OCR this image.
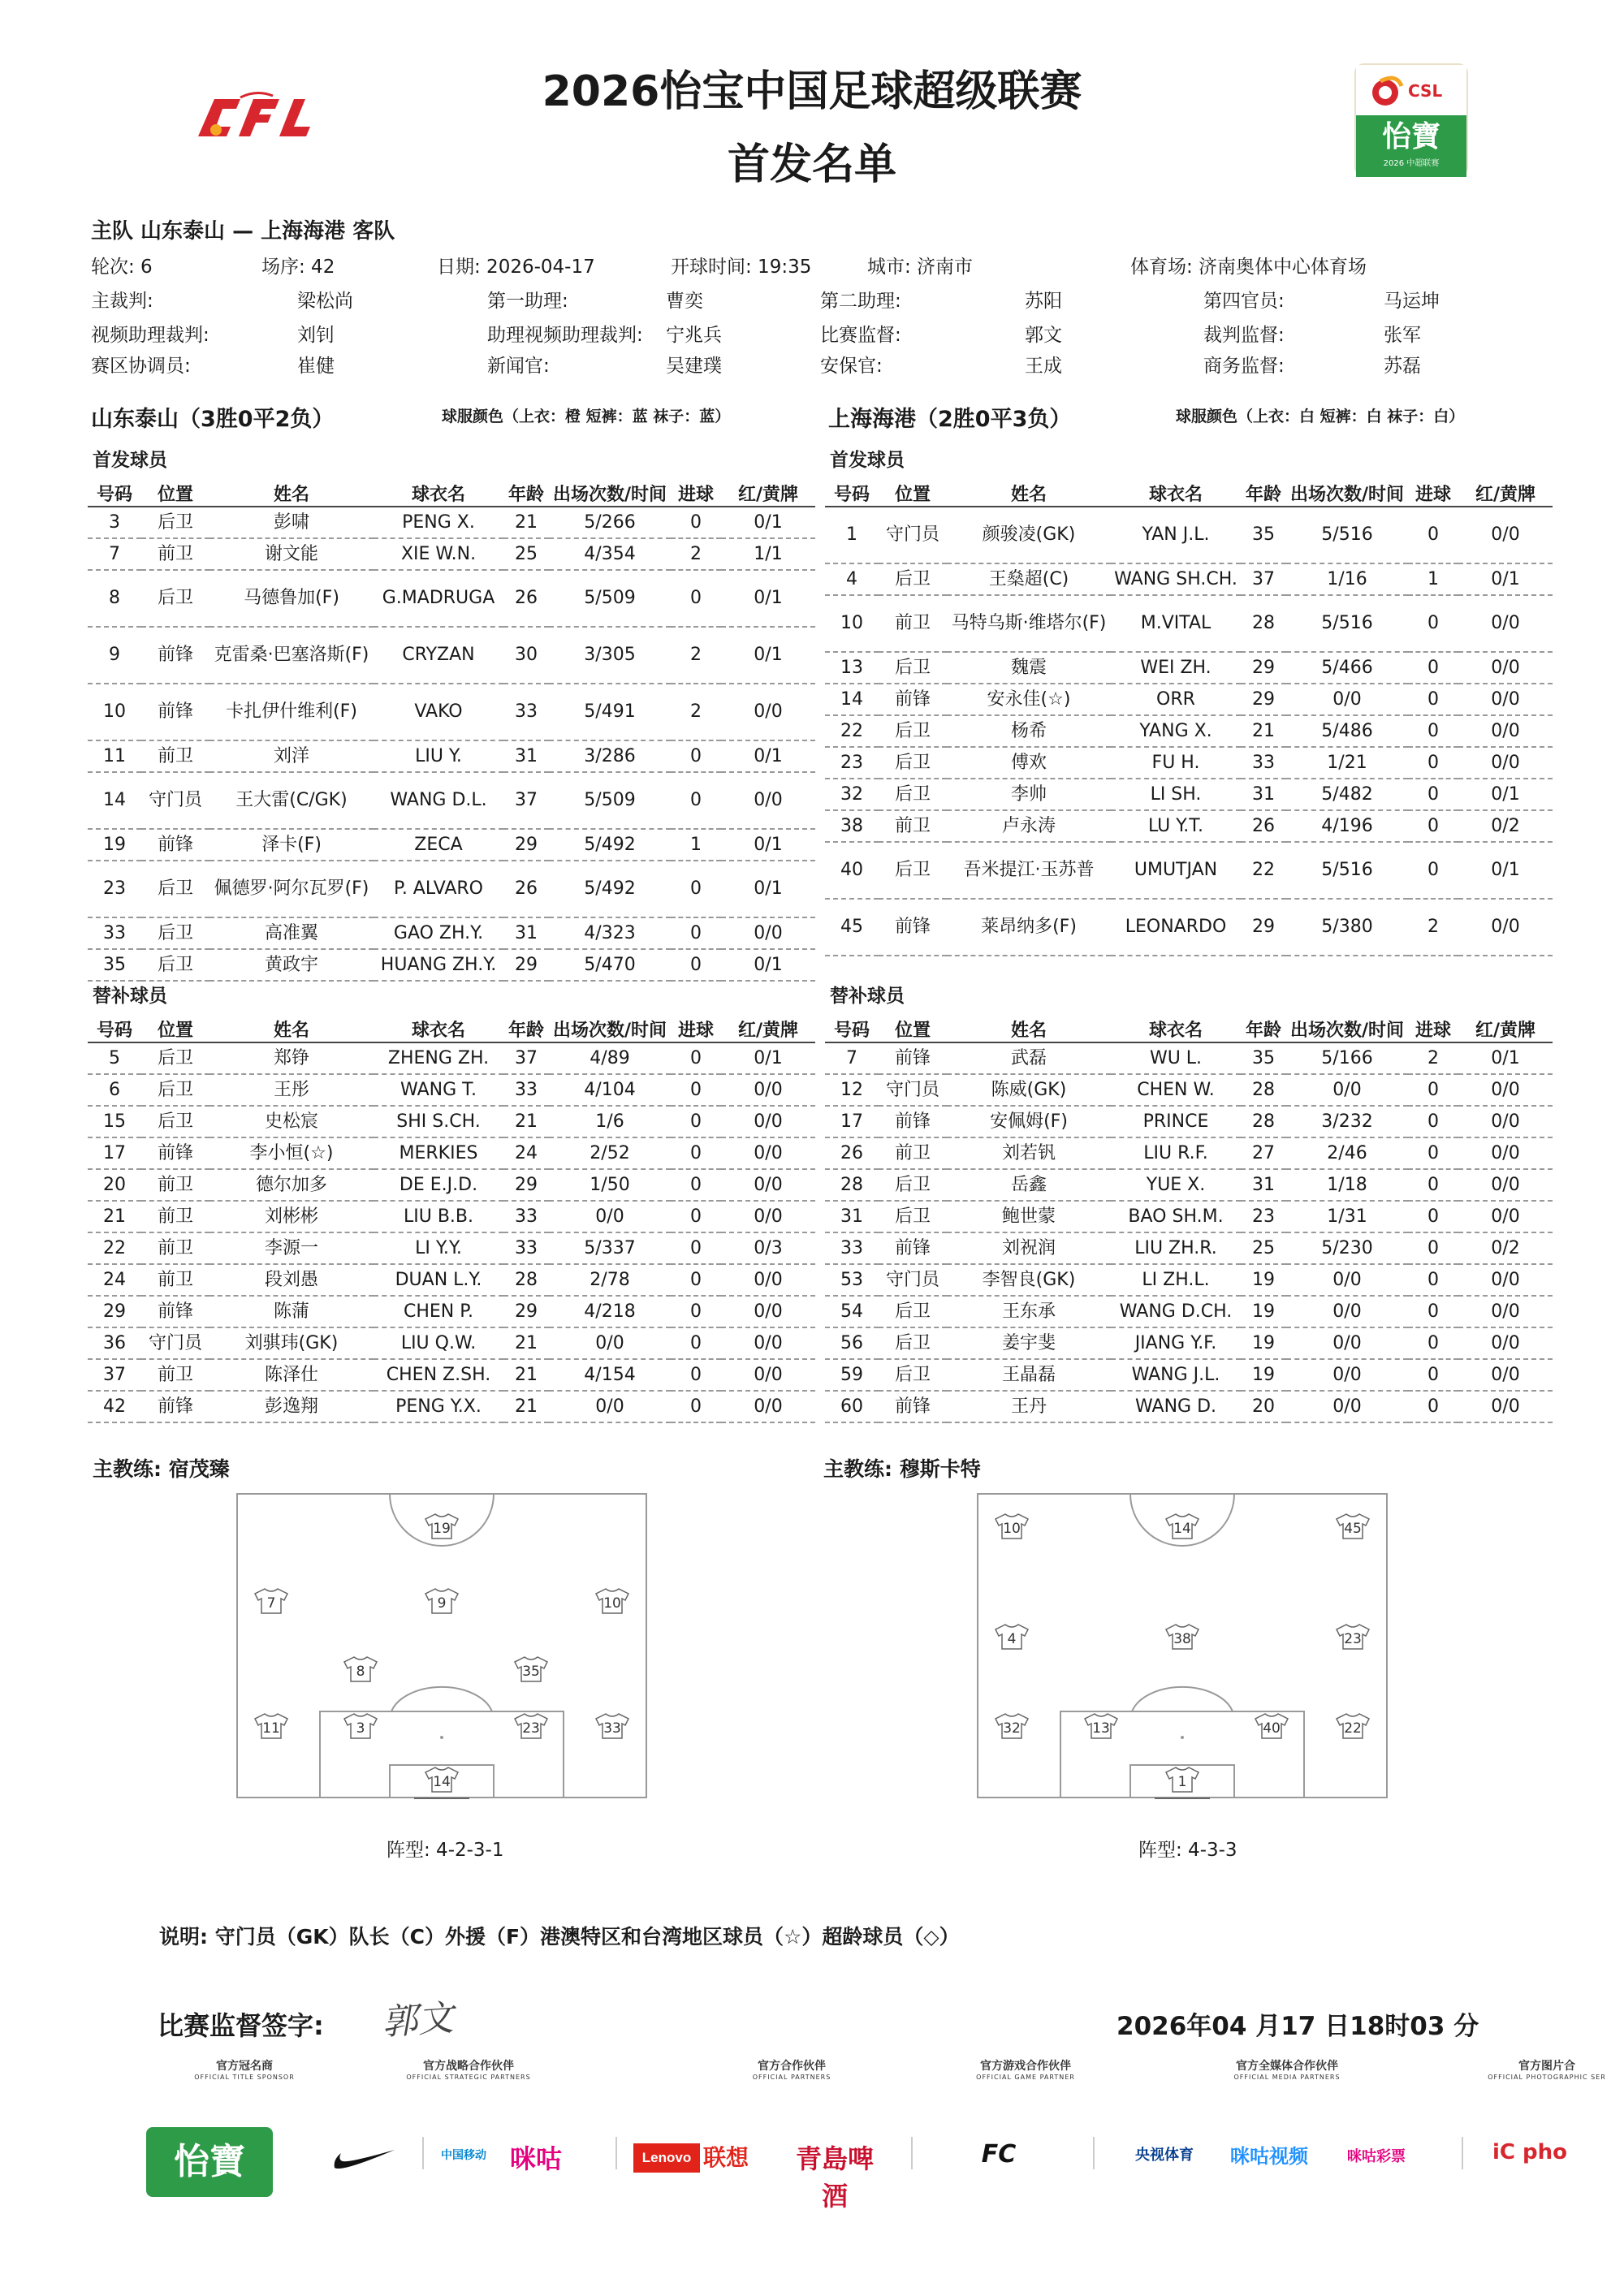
2026怡宝中国足球超级联赛
首发名单
CSL
怡寶
2026 中超联赛
主队 山东泰山 — 上海海港 客队
轮次: 6	场序: 42	日期: 2026-04-17	开球时间: 19:35	城市: 济南市	体育场: 济南奥体中心体育场
主裁判:	梁松尚	第一助理:	曹奕	第二助理:	苏阳	第四官员:	马运坤
视频助理裁判:	刘钊	助理视频助理裁判: 宁兆兵	比赛监督:	郭文	裁判监督:	张军
赛区协调员:	崔健	新闻官:	吴建璞	安保官:	王成	商务监督:	苏磊
山东泰山（3胜0平2负）	球服颜色（上衣：橙 短裤：蓝 袜子：蓝）	上海海港（2胜0平3负）	球服颜色（上衣：白 短裤：白 袜子：白）
首发球员	首发球员
替补球员	替补球员
号码	位置	姓名	球衣名	年龄	出场次数/时间	进球	红/黄牌
3	后卫	彭啸	PENG X.	21	5/266	0	0/1
7	前卫	谢文能	XIE W.N.	25	4/354	2	1/1
8	后卫	马德鲁加(F)	G.MADRUGA	26	5/509	0	0/1
9	前锋	克雷桑·巴塞洛斯(F)	CRYZAN	30	3/305	2	0/1
10	前锋	卡扎伊什维利(F)	VAKO	33	5/491	2	0/0
11	前卫	刘洋	LIU Y.	31	3/286	0	0/1
14	守门员	王大雷(C/GK)	WANG D.L.	37	5/509	0	0/0
19	前锋	泽卡(F)	ZECA	29	5/492	1	0/1
23	后卫	佩德罗·阿尔瓦罗(F)	P. ALVARO	26	5/492	0	0/1
33	后卫	高准翼	GAO ZH.Y.	31	4/323	0	0/0
35	后卫	黄政宇	HUANG ZH.Y.	29	5/470	0	0/1
号码	位置	姓名	球衣名	年龄	出场次数/时间	进球	红/黄牌
1	守门员	颜骏凌(GK)	YAN J.L.	35	5/516	0	0/0
4	后卫	王燊超(C)	WANG SH.CH.	37	1/16	1	0/1
10	前卫	马特乌斯·维塔尔(F)	M.VITAL	28	5/516	0	0/0
13	后卫	魏震	WEI ZH.	29	5/466	0	0/0
14	前锋	安永佳(☆)	ORR	29	0/0	0	0/0
22	后卫	杨希	YANG X.	21	5/486	0	0/0
23	后卫	傅欢	FU H.	33	1/21	0	0/0
32	后卫	李帅	LI SH.	31	5/482	0	0/1
38	前卫	卢永涛	LU Y.T.	26	4/196	0	0/2
40	后卫	吾米提江·玉苏普	UMUTJAN	22	5/516	0	0/1
45	前锋	莱昂纳多(F)	LEONARDO	29	5/380	2	0/0
号码	位置	姓名	球衣名	年龄	出场次数/时间	进球	红/黄牌
5	后卫	郑铮	ZHENG ZH.	37	4/89	0	0/1
6	后卫	王彤	WANG T.	33	4/104	0	0/0
15	后卫	史松宸	SHI S.CH.	21	1/6	0	0/0
17	前锋	李小恒(☆)	MERKIES	24	2/52	0	0/0
20	前卫	德尔加多	DE E.J.D.	29	1/50	0	0/0
21	前卫	刘彬彬	LIU B.B.	33	0/0	0	0/0
22	前卫	李源一	LI Y.Y.	33	5/337	0	0/3
24	前卫	段刘愚	DUAN L.Y.	28	2/78	0	0/0
29	前锋	陈蒲	CHEN P.	29	4/218	0	0/0
36	守门员	刘骐玮(GK)	LIU Q.W.	21	0/0	0	0/0
37	前卫	陈泽仕	CHEN Z.SH.	21	4/154	0	0/0
42	前锋	彭逸翔	PENG Y.X.	21	0/0	0	0/0
号码	位置	姓名	球衣名	年龄	出场次数/时间	进球	红/黄牌
7	前锋	武磊	WU L.	35	5/166	2	0/1
12	守门员	陈威(GK)	CHEN W.	28	0/0	0	0/0
17	前锋	安佩姆(F)	PRINCE	28	3/232	0	0/0
26	前卫	刘若钒	LIU R.F.	27	2/46	0	0/0
28	后卫	岳鑫	YUE X.	31	1/18	0	0/0
31	后卫	鲍世蒙	BAO SH.M.	23	1/31	0	0/0
33	前锋	刘祝润	LIU ZH.R.	25	5/230	0	0/2
53	守门员	李智良(GK)	LI ZH.L.	19	0/0	0	0/0
54	后卫	王东承	WANG D.CH.	19	0/0	0	0/0
56	后卫	姜宇斐	JIANG Y.F.	19	0/0	0	0/0
59	后卫	王晶磊	WANG J.L.	19	0/0	0	0/0
60	前锋	王丹	WANG D.	20	0/0	0	0/0
主教练: 宿茂臻	主教练: 穆斯卡特
19
7	9	10
8	35
11	3	23	33
14
10	14	45
4	38	23
32	13	40	22
1
阵型: 4-2-3-1	阵型: 4-3-3
说明: 守门员（GK）队长（C）外援（F）港澳特区和台湾地区球员（☆）超龄球员（◇）
比赛监督签字: 郭文	2026年04 月17 日18时03 分
官方冠名商
OFFICIAL TITLE SPONSOR
官方战略合作伙伴
OFFICIAL STRATEGIC PARTNERS
官方合作伙伴
OFFICIAL PARTNERS
官方游戏合作伙伴
OFFICIAL GAME PARTNER
官方全媒体合作伙伴
OFFICIAL MEDIA PARTNERS
官方图片合
OFFICIAL PHOTOGRAPHIC SER
怡寶	中国移动 咪咕	Lenovo 联想	青島啤酒
FC	央视体育	咪咕视频	咪咕彩票	iC pho
